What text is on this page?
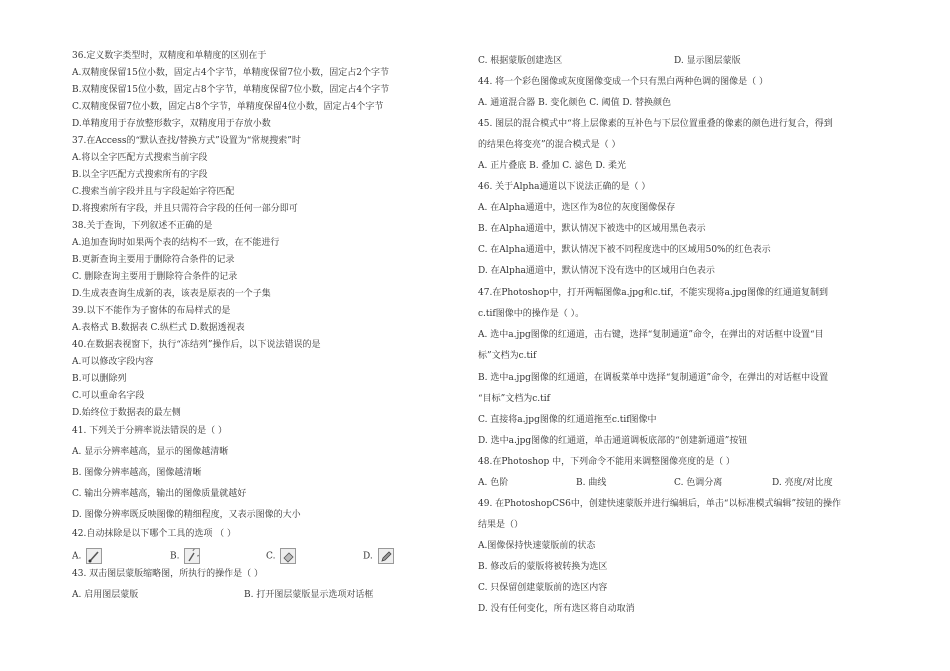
36.定义数字类型时，双精度和单精度的区别在于
A.双精度保留15位小数，固定占4个字节，单精度保留7位小数，固定占2个字节
B.双精度保留15位小数，固定占8个字节，单精度保留7位小数，固定占4个字节
C.双精度保留7位小数，固定占8个字节，单精度保留4位小数，固定占4个字节
D.单精度用于存放整形数字，双精度用于存放小数
37.在Access的“默认查找/替换方式”设置为“常规搜索”时
A.将以全字匹配方式搜索当前字段
B.以全字匹配方式搜索所有的字段
C.搜索当前字段并且与字段起始字符匹配
D.将搜索所有字段，并且只需符合字段的任何一部分即可
38.关于查询，下列叙述不正确的是
A.追加查询时如果两个表的结构不一致，在不能进行
B.更新查询主要用于删除符合条件的记录
C. 删除查询主要用于删除符合条件的记录
D.生成表查询生成新的表，该表是原表的一个子集
39.以下不能作为子窗体的布局样式的是
A.表格式 B.数据表 C.纵栏式 D.数据透视表
40.在数据表视窗下，执行“冻结列”操作后，以下说法错误的是
A.可以修改字段内容
B.可以删除列
C.可以重命名字段
D.始终位于数据表的最左侧
41. 下列关于分辨率说法错误的是（ ）
A. 显示分辨率越高，显示的图像越清晰
B. 图像分辨率越高，图像越清晰
C. 输出分辨率越高，输出的图像质量就越好
D. 图像分辨率既反映图像的精细程度，又表示图像的大小
42.自动抹除是以下哪个工具的选项 （ ）
A.	B.	C.	D.
43. 双击图层蒙版缩略图，所执行的操作是（ ）
A. 启用图层蒙版	B. 打开图层蒙版显示选项对话框
C. 根据蒙版创建选区	D. 显示图层蒙版
44. 将一个彩色图像或灰度图像变成一个只有黑白两种色调的图像是（ ）
A. 通道混合器 B. 变化颜色 C. 阈值 D. 替换颜色
45. 图层的混合模式中“将上层像素的互补色与下层位置重叠的像素的颜色进行复合，得到
的结果色将变亮”的混合模式是（ ）
A. 正片叠底 B. 叠加 C. 滤色 D. 柔光
46. 关于Alpha通道以下说法正确的是（ ）
A. 在Alpha通道中，选区作为8位的灰度图像保存
B. 在Alpha通道中，默认情况下被选中的区域用黑色表示
C. 在Alpha通道中，默认情况下被不同程度选中的区域用50%的红色表示
D. 在Alpha通道中，默认情况下没有选中的区域用白色表示
47.在Photoshop中，打开两幅图像a.jpg和c.tif，不能实现将a.jpg图像的红通道复制到
c.tif图像中的操作是（ ）。
A. 选中a.jpg图像的红通道，击右键，选择“复制通道”命令，在弹出的对话框中设置“目
标”文档为c.tif
B. 选中a.jpg图像的红通道，在调板菜单中选择“复制通道”命令，在弹出的对话框中设置
“目标”文档为c.tif
C. 直接将a.jpg图像的红通道拖至c.tif图像中
D. 选中a.jpg图像的红通道，单击通道调板底部的“创建新通道”按钮
48.在Photoshop 中，下列命令不能用来调整图像亮度的是（ ）
A. 色阶	B. 曲线	C. 色调分离	D. 亮度/对比度
49. 在PhotoshopCS6中，创建快速蒙版并进行编辑后，单击“以标准模式编辑”按钮的操作
结果是（）
A.图像保持快速蒙版前的状态
B. 修改后的蒙版将被转换为选区
C. 只保留创建蒙版前的选区内容
D. 没有任何变化，所有选区将自动取消
